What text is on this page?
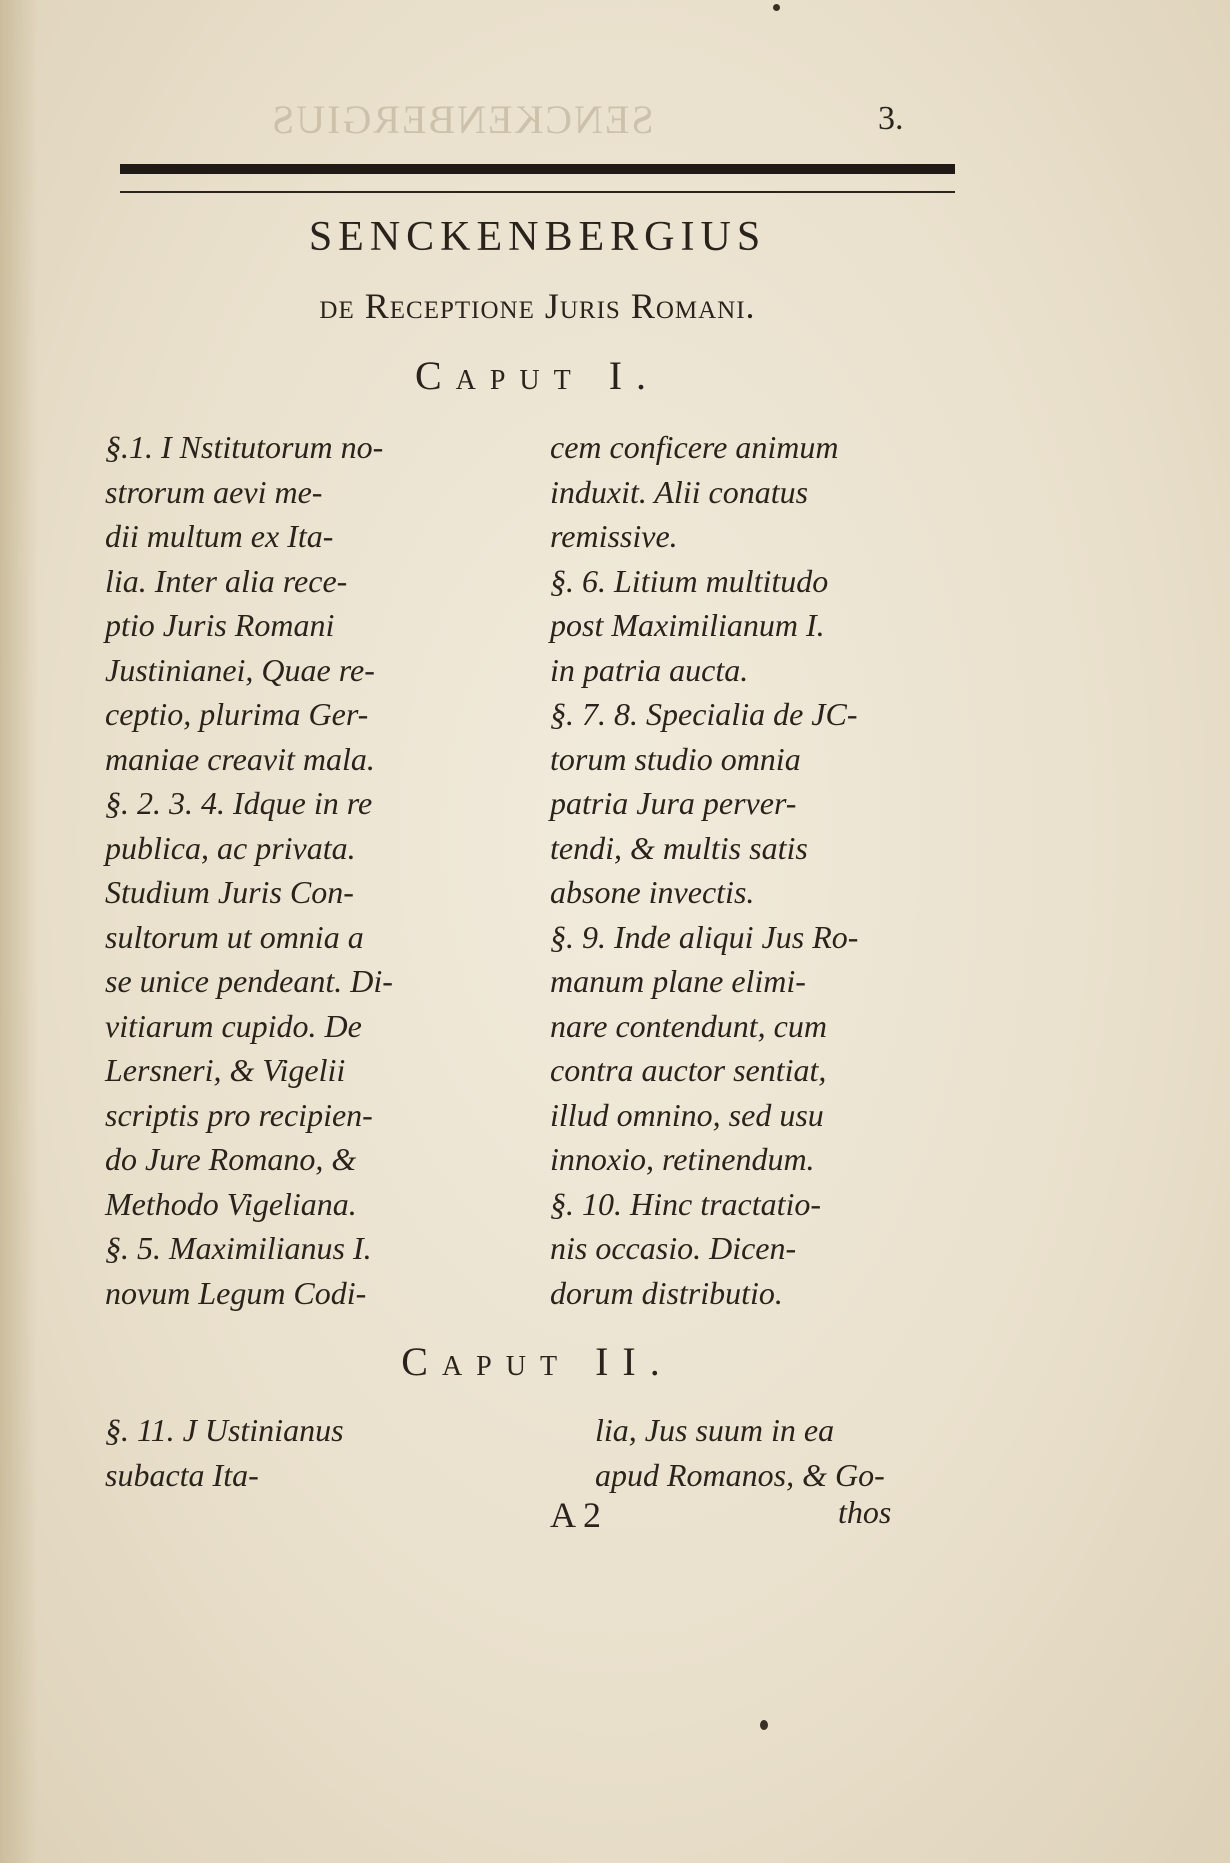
SENCKENBERGIUS	3.
SENCKENBERGIUS
de Receptione Juris Romani.
Caput I.
§.1. I Nstitutorum no-
strorum aevi me-
dii multum ex Ita-
lia. Inter alia rece-
ptio Juris Romani
Justinianei, Quae re-
ceptio, plurima Ger-
maniae creavit mala.
§. 2. 3. 4. Idque in re
publica, ac privata.
Studium Juris Con-
sultorum ut omnia a
se unice pendeant. Di-
vitiarum cupido. De
Lersneri, & Vigelii
scriptis pro recipien-
do Jure Romano, &
Methodo Vigeliana.
§. 5. Maximilianus I.
novum Legum Codi-
cem conficere animum
induxit. Alii conatus
remissive.
§. 6. Litium multitudo
post Maximilianum I.
in patria aucta.
§. 7. 8. Specialia de JC-
torum studio omnia
patria Jura perver-
tendi, & multis satis
absone invectis.
§. 9. Inde aliqui Jus Ro-
manum plane elimi-
nare contendunt, cum
contra auctor sentiat,
illud omnino, sed usu
innoxio, retinendum.
§. 10. Hinc tractatio-
nis occasio. Dicen-
dorum distributio.
Caput II.
§. 11. J Ustinianus
subacta Ita-
lia, Jus suum in ea
apud Romanos, & Go-
A 2	thos
